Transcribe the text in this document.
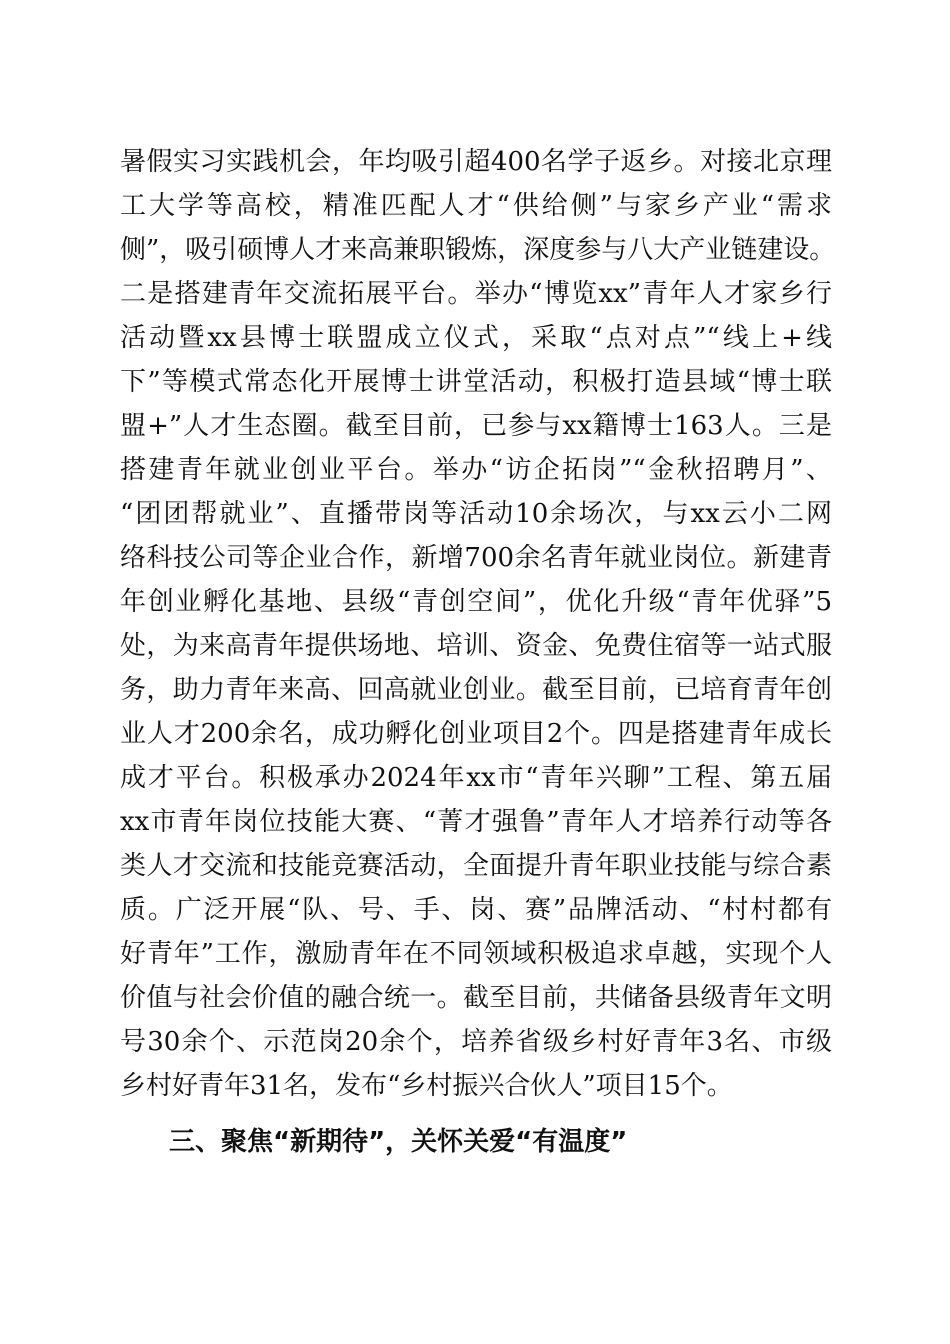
暑假实习实践机会，年均吸引超400名学子返乡。对接北京理
工大学等高校，精准匹配人才“供给侧”与家乡产业“需求
侧”，吸引硕博人才来高兼职锻炼，深度参与八大产业链建设。
二是搭建青年交流拓展平台。举办“博览xx”青年人才家乡行
活动暨xx县博士联盟成立仪式，采取“点对点”“线上+线
下”等模式常态化开展博士讲堂活动，积极打造县域“博士联
盟+”人才生态圈。截至目前，已参与xx籍博士163人。三是
搭建青年就业创业平台。举办“访企拓岗”“金秋招聘月”、
“团团帮就业”、直播带岗等活动10余场次，与xx云小二网
络科技公司等企业合作，新增700余名青年就业岗位。新建青
年创业孵化基地、县级“青创空间”，优化升级“青年优驿”5
处，为来高青年提供场地、培训、资金、免费住宿等一站式服
务，助力青年来高、回高就业创业。截至目前，已培育青年创
业人才200余名，成功孵化创业项目2个。四是搭建青年成长
成才平台。积极承办2024年xx市“青年兴聊”工程、第五届
xx市青年岗位技能大赛、“菁才强鲁”青年人才培养行动等各
类人才交流和技能竞赛活动，全面提升青年职业技能与综合素
质。广泛开展“队、号、手、岗、赛”品牌活动、“村村都有
好青年”工作，激励青年在不同领域积极追求卓越，实现个人
价值与社会价值的融合统一。截至目前，共储备县级青年文明
号30余个、示范岗20余个，培养省级乡村好青年3名、市级
乡村好青年31名，发布“乡村振兴合伙人”项目15个。
三、聚焦“新期待”，关怀关爱“有温度”
